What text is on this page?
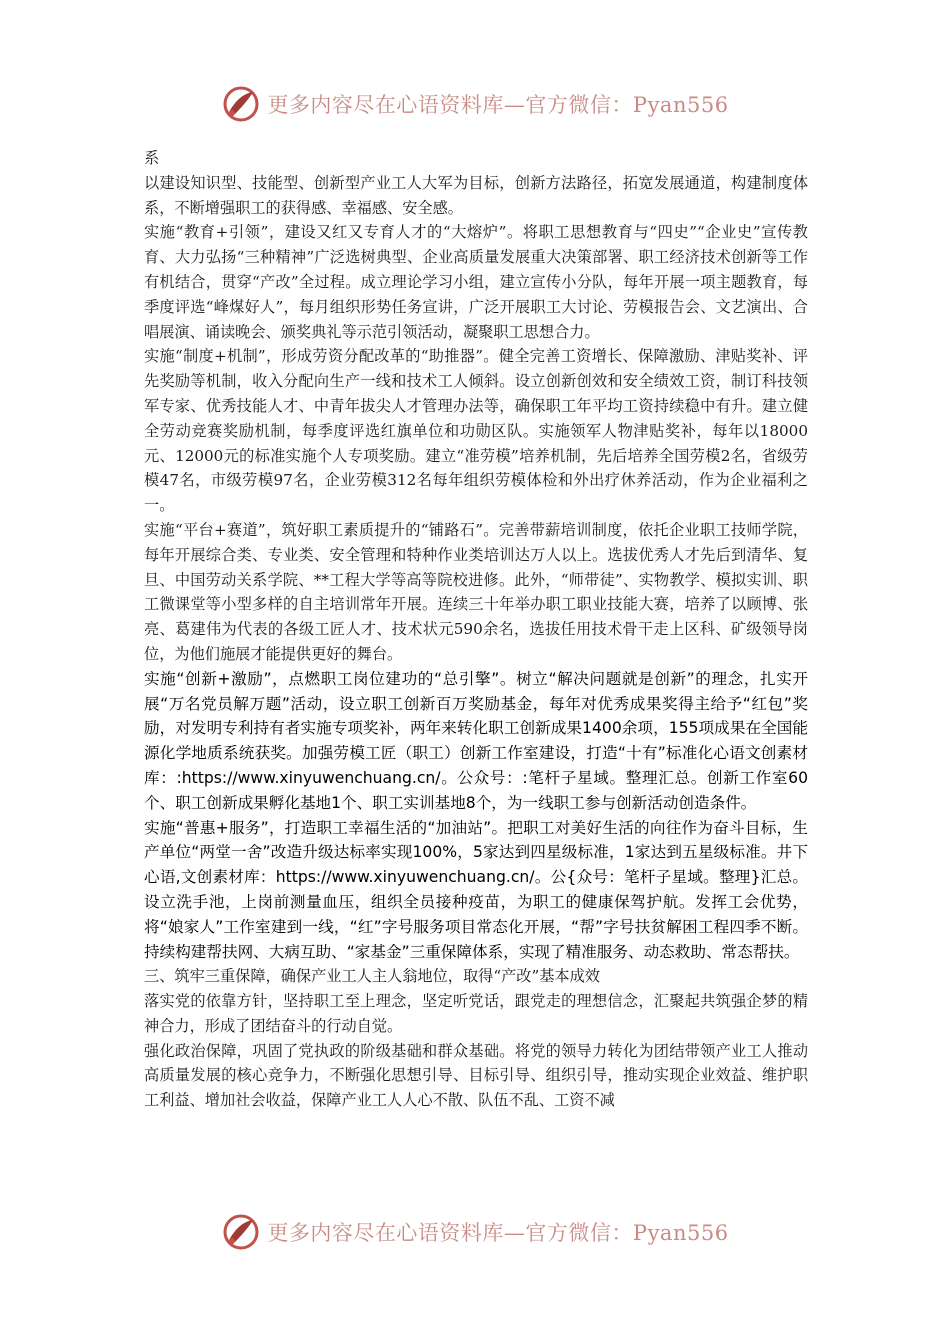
更多内容尽在心语资料库—官方微信：Pyan556

系

以建设知识型、技能型、创新型产业工人大军为目标，创新方法路径，拓宽发展通道，构建制度体系，不断增强职工的获得感、幸福感、安全感。

实施“教育+引领”，建设又红又专育人才的“大熔炉”。将职工思想教育与“四史”“企业史”宣传教育、大力弘扬“三种精神”广泛选树典型、企业高质量发展重大决策部署、职工经济技术创新等工作有机结合，贯穿“产改”全过程。成立理论学习小组，建立宣传小分队，每年开展一项主题教育，每季度评选“峰煤好人”，每月组织形势任务宣讲，广泛开展职工大讨论、劳模报告会、文艺演出、合唱展演、诵读晚会、颁奖典礼等示范引领活动，凝聚职工思想合力。

实施“制度+机制”，形成劳资分配改革的“助推器”。健全完善工资增长、保障激励、津贴奖补、评先奖励等机制，收入分配向生产一线和技术工人倾斜。设立创新创效和安全绩效工资，制订科技领军专家、优秀技能人才、中青年拔尖人才管理办法等，确保职工年平均工资持续稳中有升。建立健全劳动竞赛奖励机制，每季度评选红旗单位和功勋区队。实施领军人物津贴奖补，每年以18000元、12000元的标准实施个人专项奖励。建立“准劳模”培养机制，先后培养全国劳模2名，省级劳模47名，市级劳模97名，企业劳模312名每年组织劳模体检和外出疗休养活动，作为企业福利之一。

实施“平台+赛道”，筑好职工素质提升的“铺路石”。完善带薪培训制度，依托企业职工技师学院，每年开展综合类、专业类、安全管理和特种作业类培训达万人以上。选拔优秀人才先后到清华、复旦、中国劳动关系学院、**工程大学等高等院校进修。此外，“师带徒”、实物教学、模拟实训、职工微课堂等小型多样的自主培训常年开展。连续三十年举办职工职业技能大赛，培养了以顾博、张亮、葛建伟为代表的各级工匠人才、技术状元590余名，选拔任用技术骨干走上区科、矿级领导岗位，为他们施展才能提供更好的舞台。

实施“创新+激励”，点燃职工岗位建功的“总引擎”。树立“解决问题就是创新”的理念，扎实开展“万名党员解万题”活动，设立职工创新百万奖励基金，每年对优秀成果奖得主给予“红包”奖励，对发明专利持有者实施专项奖补，两年来转化职工创新成果1400余项，155项成果在全国能源化学地质系统获奖。加强劳模工匠（职工）创新工作室建设，打造“十有”标准化心语文创素材库：:https://www.xinyuwenchuang.cn/。公众号：:笔杆子星域。整理汇总。创新工作室60个、职工创新成果孵化基地1个、职工实训基地8个，为一线职工参与创新活动创造条件。

实施“普惠+服务”，打造职工幸福生活的“加油站”。把职工对美好生活的向往作为奋斗目标，生产单位“两堂一舍”改造升级达标率实现100%，5家达到四星级标准，1家达到五星级标准。井下心语,文创素材库：https://www.xinyuwenchuang.cn/。公{众号：笔杆子星域。整理}汇总。设立洗手池，上岗前测量血压，组织全员接种疫苗，为职工的健康保驾护航。发挥工会优势，将“娘家人”工作室建到一线，“红”字号服务项目常态化开展，“帮”字号扶贫解困工程四季不断。持续构建帮扶网、大病互助、“家基金”三重保障体系，实现了精准服务、动态救助、常态帮扶。

三、筑牢三重保障，确保产业工人主人翁地位，取得“产改”基本成效

落实党的依靠方针，坚持职工至上理念，坚定听党话，跟党走的理想信念，汇聚起共筑强企梦的精神合力，形成了团结奋斗的行动自觉。

强化政治保障，巩固了党执政的阶级基础和群众基础。将党的领导力转化为团结带领产业工人推动高质量发展的核心竞争力，不断强化思想引导、目标引导、组织引导，推动实现企业效益、维护职工利益、增加社会收益，保障产业工人人心不散、队伍不乱、工资不减

更多内容尽在心语资料库—官方微信：Pyan556
